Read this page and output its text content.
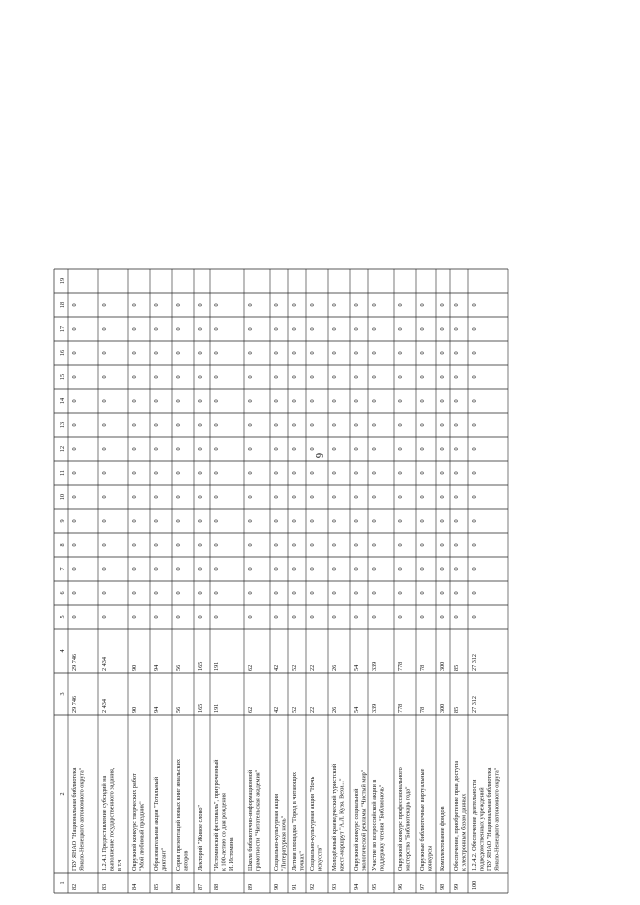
6
1
2
3
4
5
6
7
8
9
10
11
12
13
14
15
16
17
18
19
82
ГБУ ЯНАО "Национальная библиотека Ямало-Ненецкого автономного округа"
29 746
29 746
0
0
0
0
0
0
0
0
0
0
0
0
0
0
83
1.2.4.1 Предоставление субсидий на выполнение государственного задания, в т.ч
2 434
2 434
0
0
0
0
0
0
0
0
0
0
0
0
0
0
84
Окружной конкурс творческих работ "Мой любимый праздник"
90
90
0
0
0
0
0
0
0
0
0
0
0
0
0
0
85
Образовательная акция "Тотальный диктант"
94
94
0
0
0
0
0
0
0
0
0
0
0
0
0
0
86
Серия презентаций новых книг ямальских авторов
56
56
0
0
0
0
0
0
0
0
0
0
0
0
0
0
87
Лекторий "Живое слово"
165
165
0
0
0
0
0
0
0
0
0
0
0
0
0
0
88
"Истоминский фестиваль", приуроченный к 100-летию со дня рождения И. Истомина
191
191
0
0
0
0
0
0
0
0
0
0
0
0
0
0
89
Школа библиотечно-информационной грамотности "Читательская академия"
62
62
0
0
0
0
0
0
0
0
0
0
0
0
0
0
90
Социально-культурная акция "Литературная ночь"
42
42
0
0
0
0
0
0
0
0
0
0
0
0
0
0
91
Летняя площадка "Город в читающих точках"
52
52
0
0
0
0
0
0
0
0
0
0
0
0
0
0
92
Социально-культурная акция "Ночь искусств"
22
22
0
0
0
0
0
0
0
0
0
0
0
0
0
0
93
Молодёжный краеведческий туристский квест-маршрут "А.Л. Кузя. Вехи..."
26
26
0
0
0
0
0
0
0
0
0
0
0
0
0
0
94
Окружной конкурс социальной экологической рекламы "Чистый мир"
54
54
0
0
0
0
0
0
0
0
0
0
0
0
0
0
95
Участие во всероссийской акции в поддержку чтения "Библионочь"
339
339
0
0
0
0
0
0
0
0
0
0
0
0
0
0
96
Окружной конкурс профессионального мастерства "Библиотекарь года"
778
778
0
0
0
0
0
0
0
0
0
0
0
0
0
0
97
Окружные библиотечные виртуальные конкурсы
78
78
0
0
0
0
0
0
0
0
0
0
0
0
0
0
98
Комплектование фондов
300
300
0
0
0
0
0
0
0
0
0
0
0
0
0
0
99
Обеспечение, приобретение прав доступа к электронным базам данных
85
85
0
0
0
0
0
0
0
0
0
0
0
0
0
0
100
1.2.4.2. Обеспечение деятельности подведомственных учреждений ГБУ ЯНАО "Национальная библиотека Ямало-Ненецкого автономного округа"
27 312
27 312
0
0
0
0
0
0
0
0
0
0
0
0
0
0
